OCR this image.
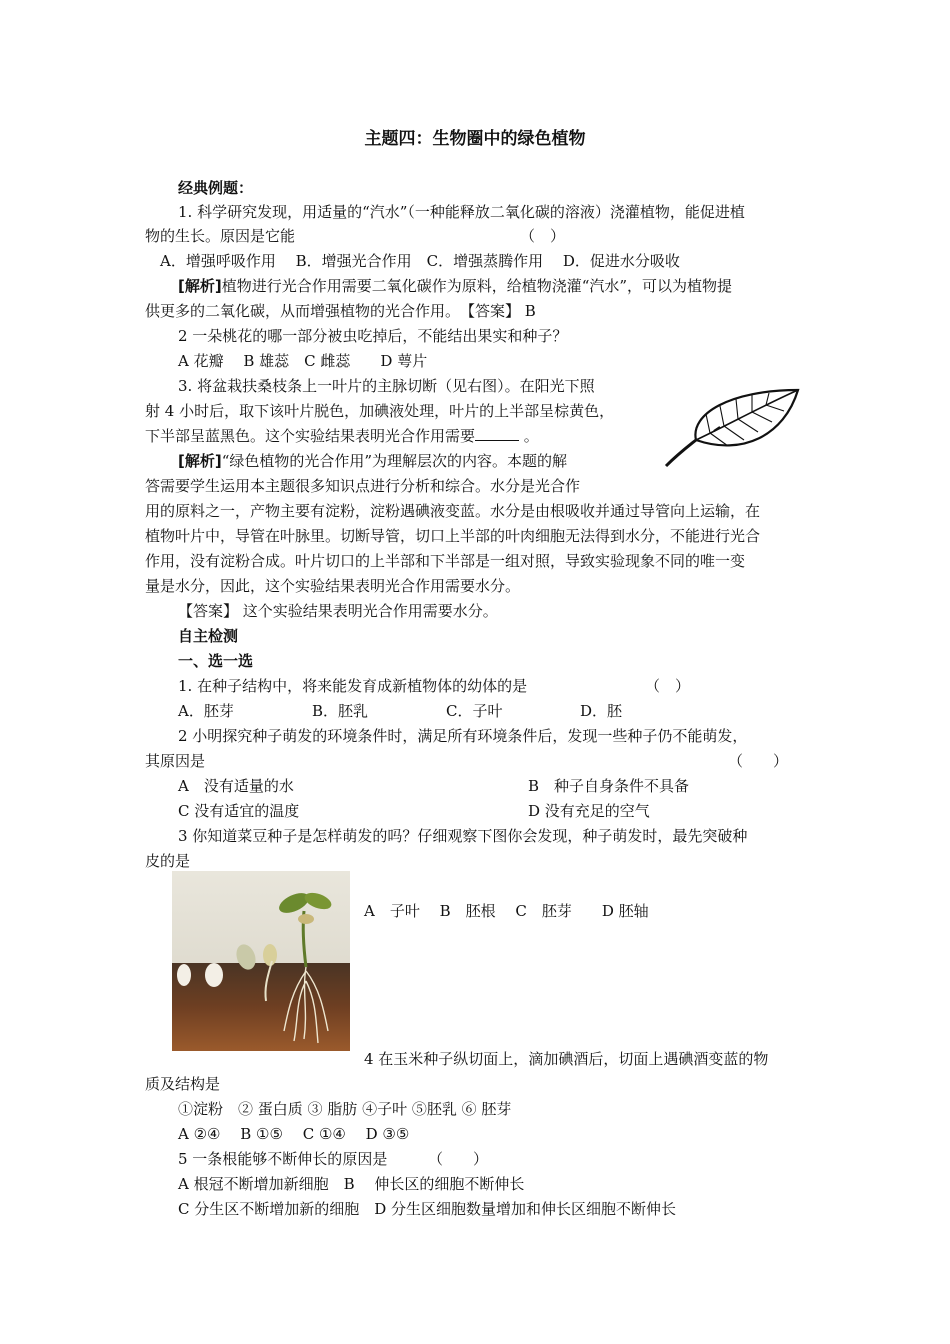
主题四：生物圈中的绿色植物
经典例题：
1. 科学研究发现，用适量的“汽水”（一种能释放二氧化碳的溶液）浇灌植物，能促进植
物的生长。原因是它能	（　）
A．增强呼吸作用　 B．增强光合作用　C．增强蒸腾作用　 D．促进水分吸收
[解析]植物进行光合作用需要二氧化碳作为原料，给植物浇灌“汽水”，可以为植物提
供更多的二氧化碳，从而增强植物的光合作用。　【答案】 B
2 一朵桃花的哪一部分被虫吃掉后，不能结出果实和种子？
A 花瓣　 B 雄蕊　C 雌蕊　　D 萼片
3. 将盆栽扶桑枝条上一叶片的主脉切断（见右图）。在阳光下照
射 4 小时后，取下该叶片脱色，加碘液处理，叶片的上半部呈棕黄色，
下半部呈蓝黑色。这个实验结果表明光合作用需要	。
[解析]“绿色植物的光合作用”为理解层次的内容。本题的解
答需要学生运用本主题很多知识点进行分析和综合。水分是光合作
用的原料之一，产物主要有淀粉，淀粉遇碘液变蓝。水分是由根吸收并通过导管向上运输，在
植物叶片中，导管在叶脉里。切断导管，切口上半部的叶肉细胞无法得到水分，不能进行光合
作用，没有淀粉合成。叶片切口的上半部和下半部是一组对照，导致实验现象不同的唯一变
量是水分，因此，这个实验结果表明光合作用需要水分。
【答案】 这个实验结果表明光合作用需要水分。
自主检测
一、选一选
1. 在种子结构中，将来能发育成新植物体的幼体的是	（　）
A．胚芽	B．胚乳	C．子叶	D．胚
2 小明探究种子萌发的环境条件时，满足所有环境条件后，发现一些种子仍不能萌发，
其原因是	（　　）
A　没有适量的水	B　种子自身条件不具备
C 没有适宜的温度	D 没有充足的空气
3 你知道菜豆种子是怎样萌发的吗？仔细观察下图你会发现，种子萌发时，最先突破种
皮的是
A　子叶　 B　胚根　 C　胚芽　　D 胚轴
4 在玉米种子纵切面上，滴加碘酒后，切面上遇碘酒变蓝的物
质及结构是
①淀粉　② 蛋白质 ③ 脂肪 ④子叶 ⑤胚乳 ⑥ 胚芽
A ②④　 B ①⑤　 C ①④　 D ③⑤
5 一条根能够不断伸长的原因是	（　　）
A 根冠不断增加新细胞　B　 伸长区的细胞不断伸长
C 分生区不断增加新的细胞　D 分生区细胞数量增加和伸长区细胞不断伸长
